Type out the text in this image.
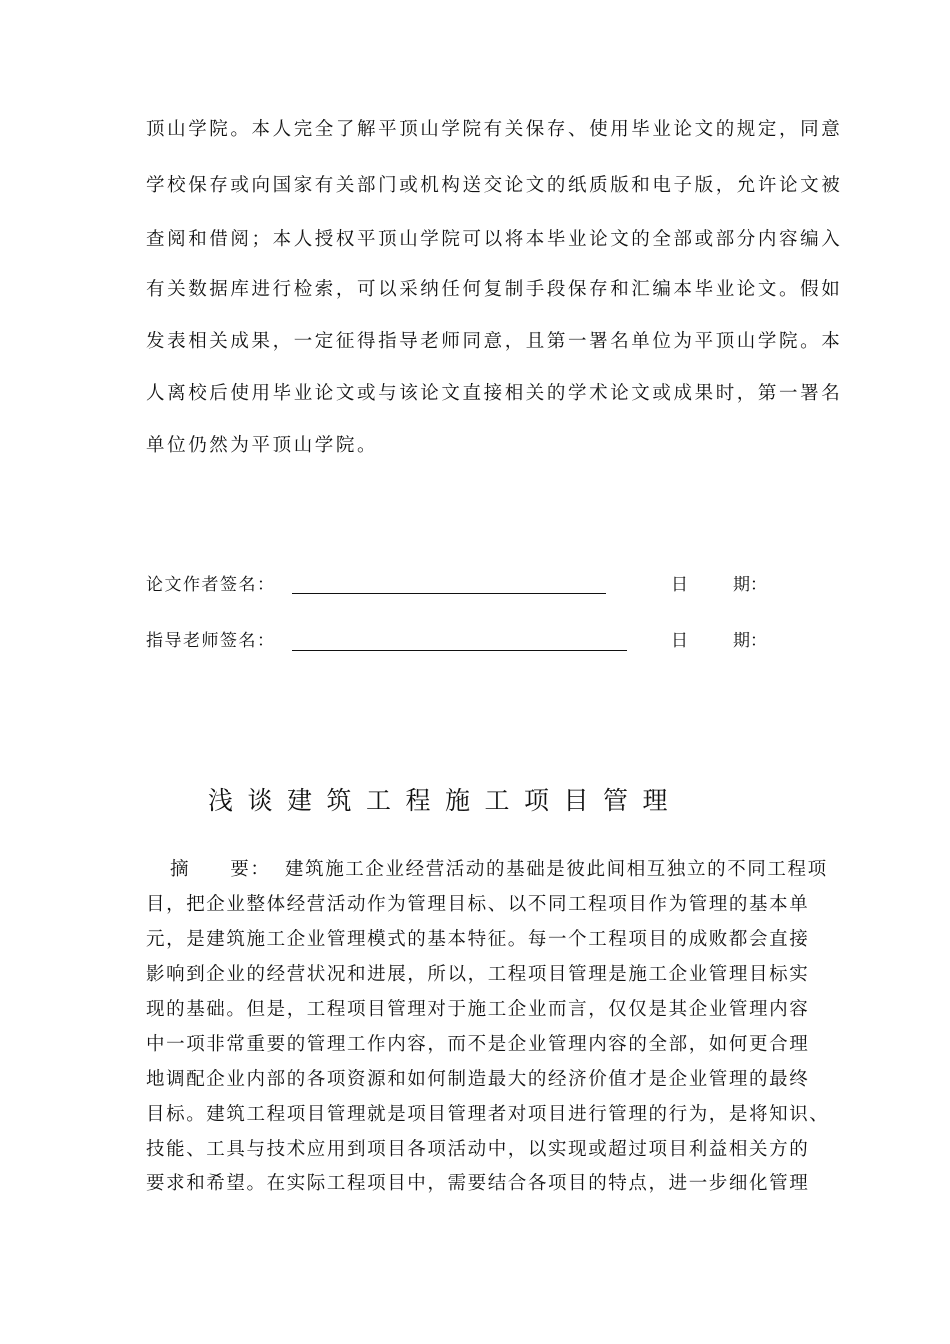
顶山学院。本人完全了解平顶山学院有关保存、使用毕业论文的规定，同意
学校保存或向国家有关部门或机构送交论文的纸质版和电子版，允许论文被
查阅和借阅；本人授权平顶山学院可以将本毕业论文的全部或部分内容编入
有关数据库进行检索，可以采纳任何复制手段保存和汇编本毕业论文。假如
发表相关成果，一定征得指导老师同意，且第一署名单位为平顶山学院。本
人离校后使用毕业论文或与该论文直接相关的学术论文或成果时，第一署名
单位仍然为平顶山学院。
论文作者签名：	日	期：
指导老师签名：	日	期：
浅谈建筑工程施工项目管理
摘　　要： 建筑施工企业经营活动的基础是彼此间相互独立的不同工程项
目，把企业整体经营活动作为管理目标、以不同工程项目作为管理的基本单
元，是建筑施工企业管理模式的基本特征。每一个工程项目的成败都会直接
影响到企业的经营状况和进展，所以，工程项目管理是施工企业管理目标实
现的基础。但是，工程项目管理对于施工企业而言，仅仅是其企业管理内容
中一项非常重要的管理工作内容，而不是企业管理内容的全部，如何更合理
地调配企业内部的各项资源和如何制造最大的经济价值才是企业管理的最终
目标。建筑工程项目管理就是项目管理者对项目进行管理的行为，是将知识、
技能、工具与技术应用到项目各项活动中，以实现或超过项目利益相关方的
要求和希望。在实际工程项目中，需要结合各项目的特点，进一步细化管理
